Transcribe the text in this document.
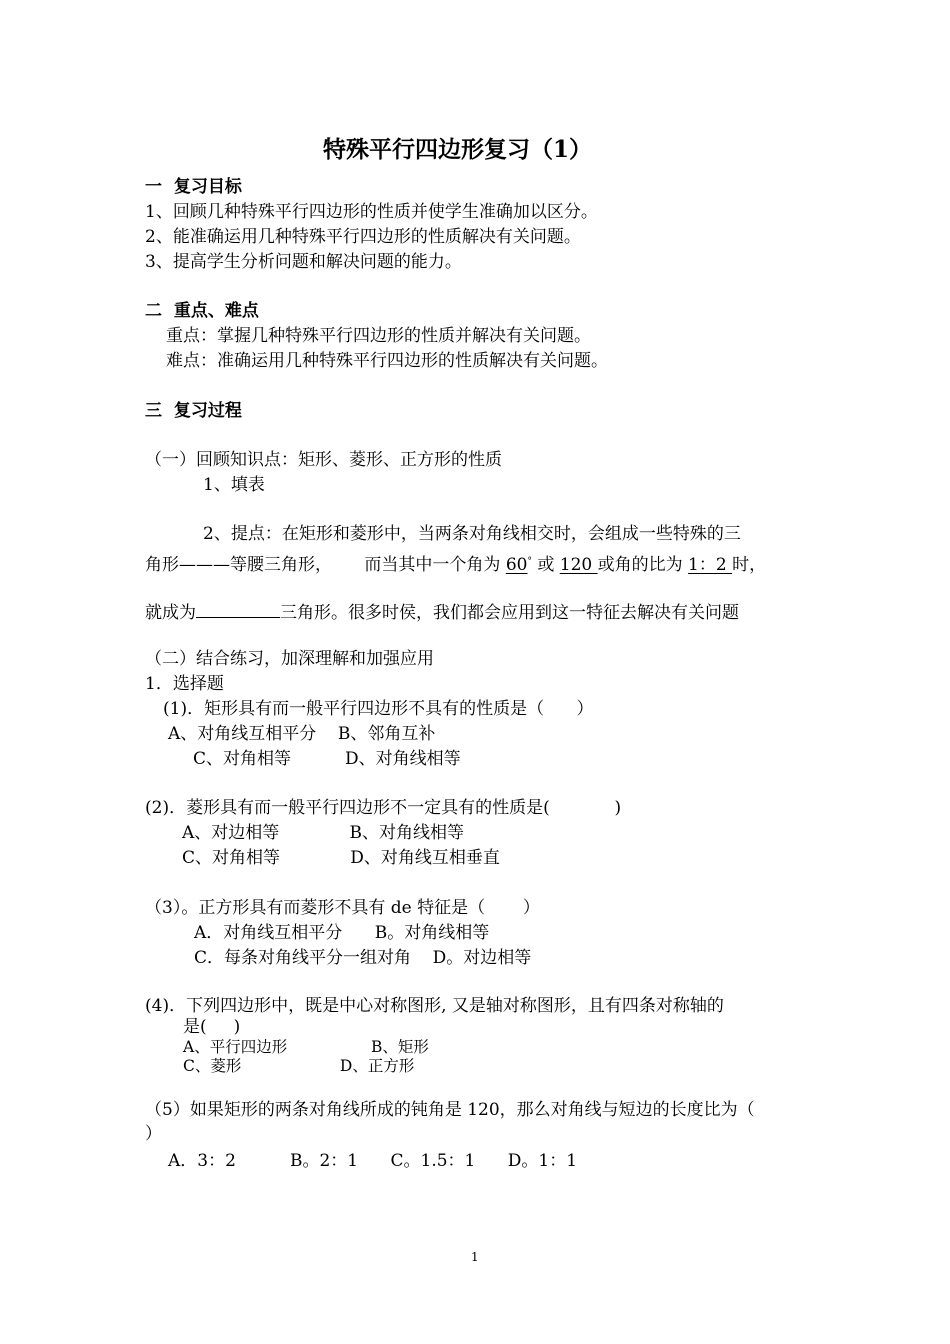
特殊平行四边形复习（1）
一  复习目标
1、回顾几种特殊平行四边形的性质并使学生准确加以区分。
2、能准确运用几种特殊平行四边形的性质解决有关问题。
3、提高学生分析问题和解决问题的能力。
二  重点、难点
重点：掌握几种特殊平行四边形的性质并解决有关问题。
难点：准确运用几种特殊平行四边形的性质解决有关问题。
三  复习过程
（一）回顾知识点：矩形、菱形、正方形的性质
1、填表
2、提点：在矩形和菱形中，当两条对角线相交时，会组成一些特殊的三
角形———等腰三角形，      而当其中一个角为 60° 或 120 或角的比为 1：2 时，
就成为	三角形。很多时侯，我们都会应用到这一特征去解决有关问题
（二）结合练习，加深理解和加强应用
1．选择题
(1)．矩形具有而一般平行四边形不具有的性质是（      ）
A、对角线互相平分    B、邻角互补
C、对角相等          D、对角线相等
(2)．菱形具有而一般平行四边形不一定具有的性质是(            )
A、对边相等             B、对角线相等
C、对角相等             D、对角线互相垂直
（3）。正方形具有而菱形不具有 de 特征是（       ）
A．对角线互相平分      B。对角线相等
C．每条对角线平分一组对角    D。对边相等
(4)．下列四边形中，既是中心对称图形, 又是轴对称图形，且有四条对称轴的
是(     )
A、平行四边形                 B、矩形
C、菱形                    D、正方形
（5）如果矩形的两条对角线所成的钝角是 120，那么对角线与短边的长度比为（
）
A．3：2          B。2：1      C。1.5：1      D。1：1
1
